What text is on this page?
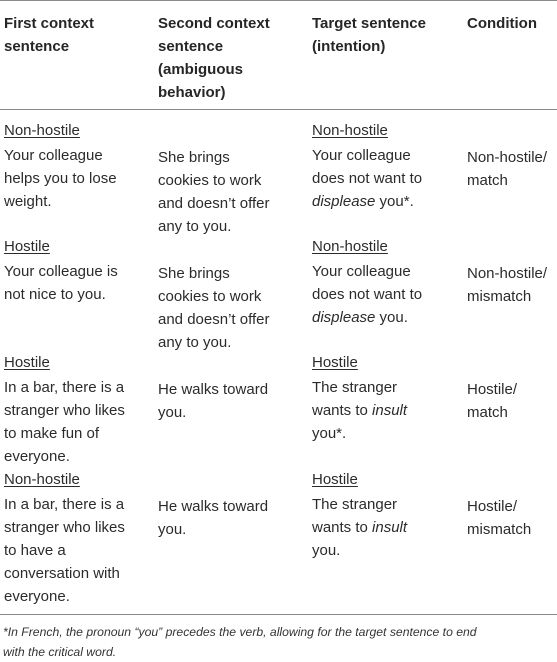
First context
sentence
Second context
sentence
(ambiguous
behavior)
Target sentence
(intention)
Condition
Non-hostile
Your colleague
helps you to lose
weight.
She brings
cookies to work
and doesn’t offer
any to you.
Non-hostile
Your colleague
does not want to
displease you*.
Non-hostile/
match
Hostile
Your colleague is
not nice to you.
She brings
cookies to work
and doesn’t offer
any to you.
Non-hostile
Your colleague
does not want to
displease you.
Non-hostile/
mismatch
Hostile
In a bar, there is a
stranger who likes
to make fun of
everyone.
He walks toward
you.
Hostile
The stranger
wants to insult
you*.
Hostile/
match
Non-hostile
In a bar, there is a
stranger who likes
to have a
conversation with
everyone.
He walks toward
you.
Hostile
The stranger
wants to insult
you.
Hostile/
mismatch
*In French, the pronoun “you” precedes the verb, allowing for the target sentence to end
with the critical word.
